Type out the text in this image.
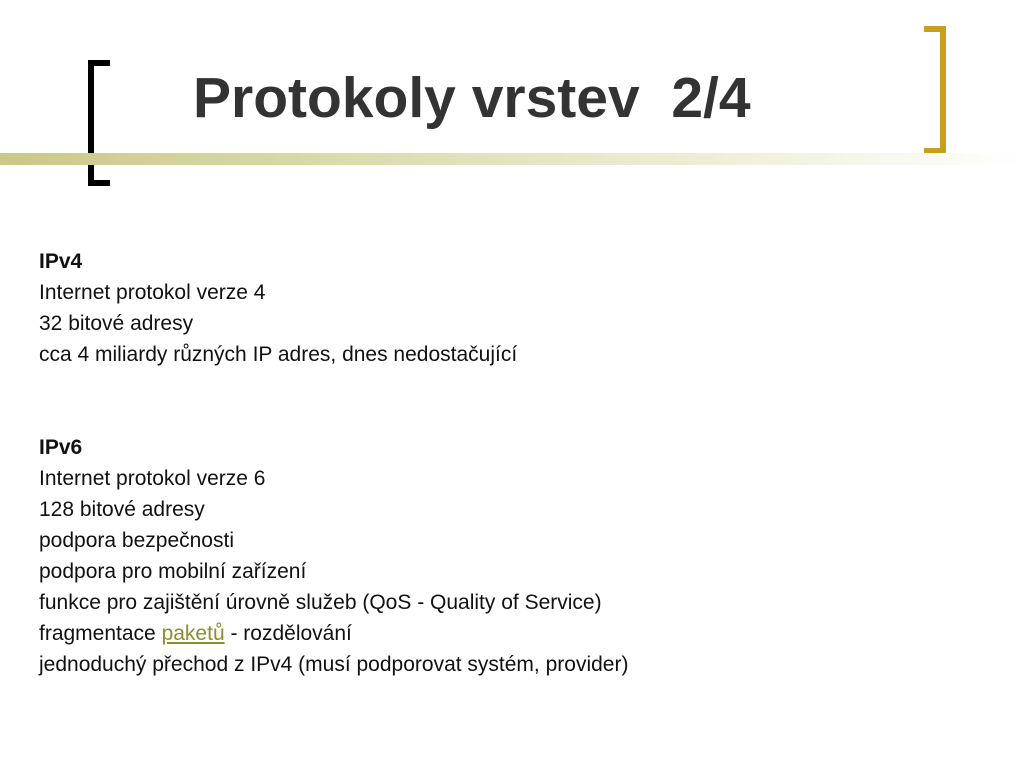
Protokoly vrstev  2/4
IPv4
Internet protokol verze 4
32 bitové adresy
cca 4 miliardy různých IP adres, dnes nedostačující
IPv6
Internet protokol verze 6
128 bitové adresy
podpora bezpečnosti
podpora pro mobilní zařízení
funkce pro zajištění úrovně služeb (QoS - Quality of Service)
fragmentace paketů - rozdělování
jednoduchý přechod z IPv4 (musí podporovat systém, provider)
